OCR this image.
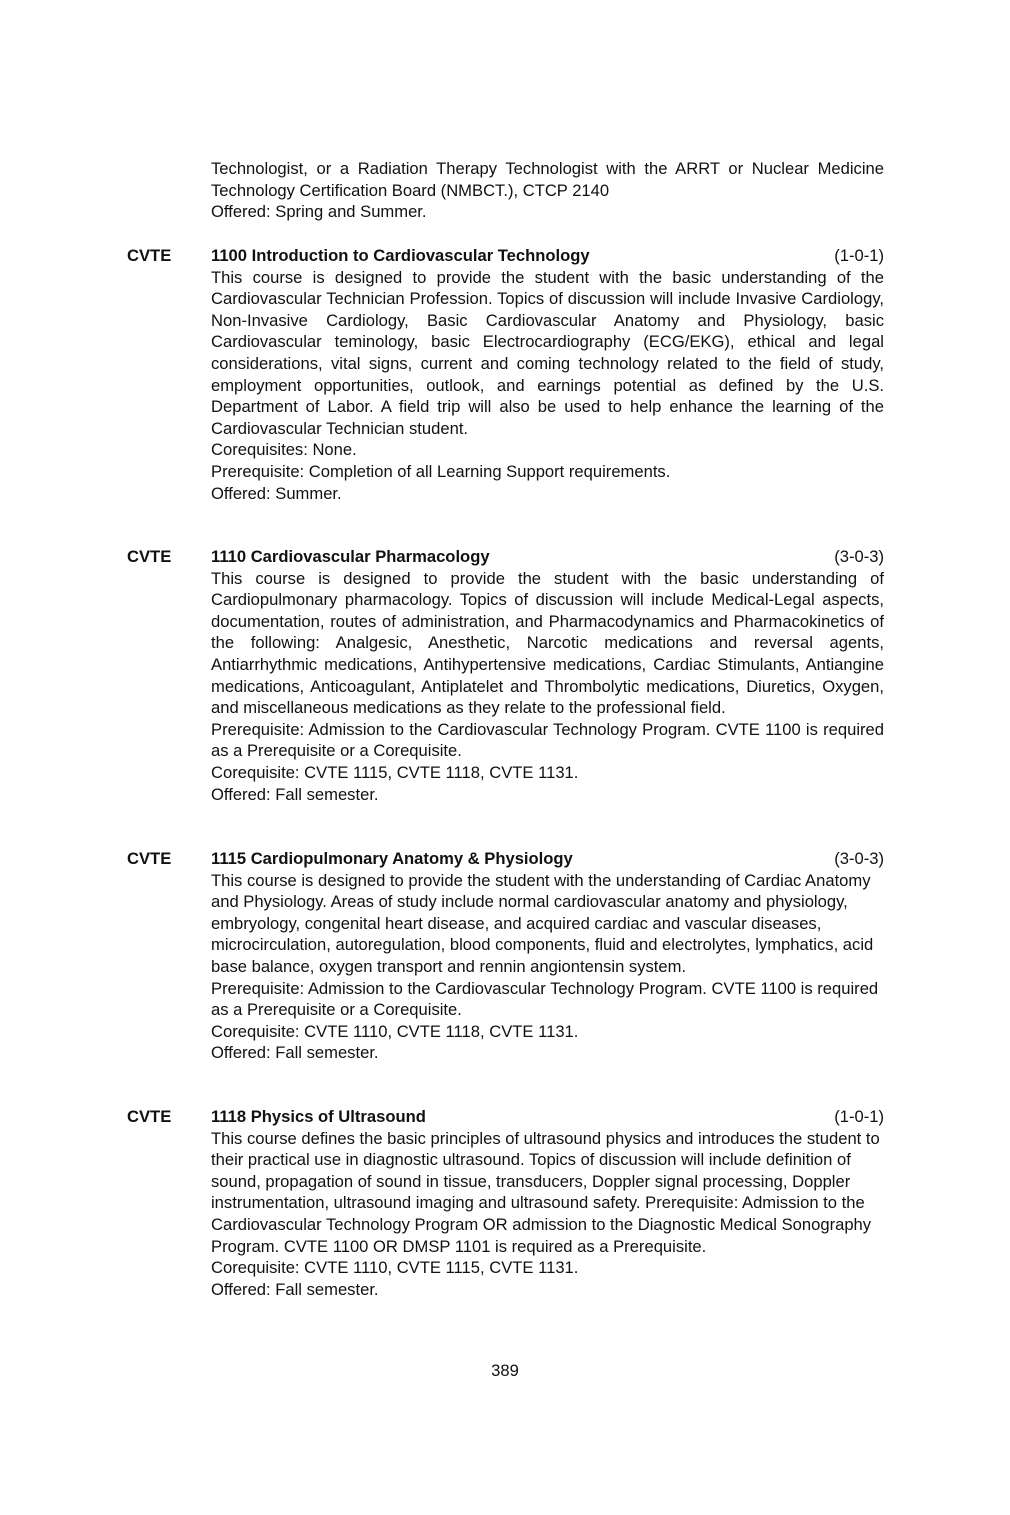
Technologist, or a Radiation Therapy Technologist with the ARRT or Nuclear Medicine Technology Certification Board (NMBCT.), CTCP 2140

Offered: Spring and Summer.

CVTE 1100 Introduction to Cardiovascular Technology	(1-0-1)

This course is designed to provide the student with the basic understanding of the Cardiovascular Technician Profession. Topics of discussion will include Invasive Cardiology, Non-Invasive Cardiology, Basic Cardiovascular Anatomy and Physiology, basic Cardiovascular teminology, basic Electrocardiography (ECG/EKG), ethical and legal considerations, vital signs, current and coming technology related to the field of study, employment opportunities, outlook, and earnings potential as defined by the U.S. Department of Labor. A field trip will also be used to help enhance the learning of the Cardiovascular Technician student.

Corequisites: None.

Prerequisite: Completion of all Learning Support requirements.

Offered: Summer.

CVTE 1110 Cardiovascular Pharmacology	(3-0-3)

This course is designed to provide the student with the basic understanding of Cardiopulmonary pharmacology. Topics of discussion will include Medical-Legal aspects, documentation, routes of administration, and Pharmacodynamics and Pharmacokinetics of the following: Analgesic, Anesthetic, Narcotic medications and reversal agents, Antiarrhythmic medications, Antihypertensive medications, Cardiac Stimulants, Antiangine medications, Anticoagulant, Antiplatelet and Thrombolytic medications, Diuretics, Oxygen, and miscellaneous medications as they relate to the professional field.

Prerequisite: Admission to the Cardiovascular Technology Program. CVTE 1100 is required as a Prerequisite or a Corequisite.

Corequisite: CVTE 1115, CVTE 1118, CVTE 1131.

Offered: Fall semester.

CVTE 1115 Cardiopulmonary Anatomy & Physiology	(3-0-3)

This course is designed to provide the student with the understanding of Cardiac Anatomy and Physiology. Areas of study include normal cardiovascular anatomy and physiology, embryology, congenital heart disease, and acquired cardiac and vascular diseases, microcirculation, autoregulation, blood components, fluid and electrolytes, lymphatics, acid base balance, oxygen transport and rennin angiontensin system.

Prerequisite: Admission to the Cardiovascular Technology Program. CVTE 1100 is required as a Prerequisite or a Corequisite.

Corequisite: CVTE 1110, CVTE 1118, CVTE 1131.

Offered: Fall semester.

CVTE 1118 Physics of Ultrasound	(1-0-1)

This course defines the basic principles of ultrasound physics and introduces the student to their practical use in diagnostic ultrasound. Topics of discussion will include definition of sound, propagation of sound in tissue, transducers, Doppler signal processing, Doppler instrumentation, ultrasound imaging and ultrasound safety. Prerequisite: Admission to the Cardiovascular Technology Program OR admission to the Diagnostic Medical Sonography Program. CVTE 1100 OR DMSP 1101 is required as a Prerequisite.

Corequisite: CVTE 1110, CVTE 1115, CVTE 1131.

Offered: Fall semester.

389
